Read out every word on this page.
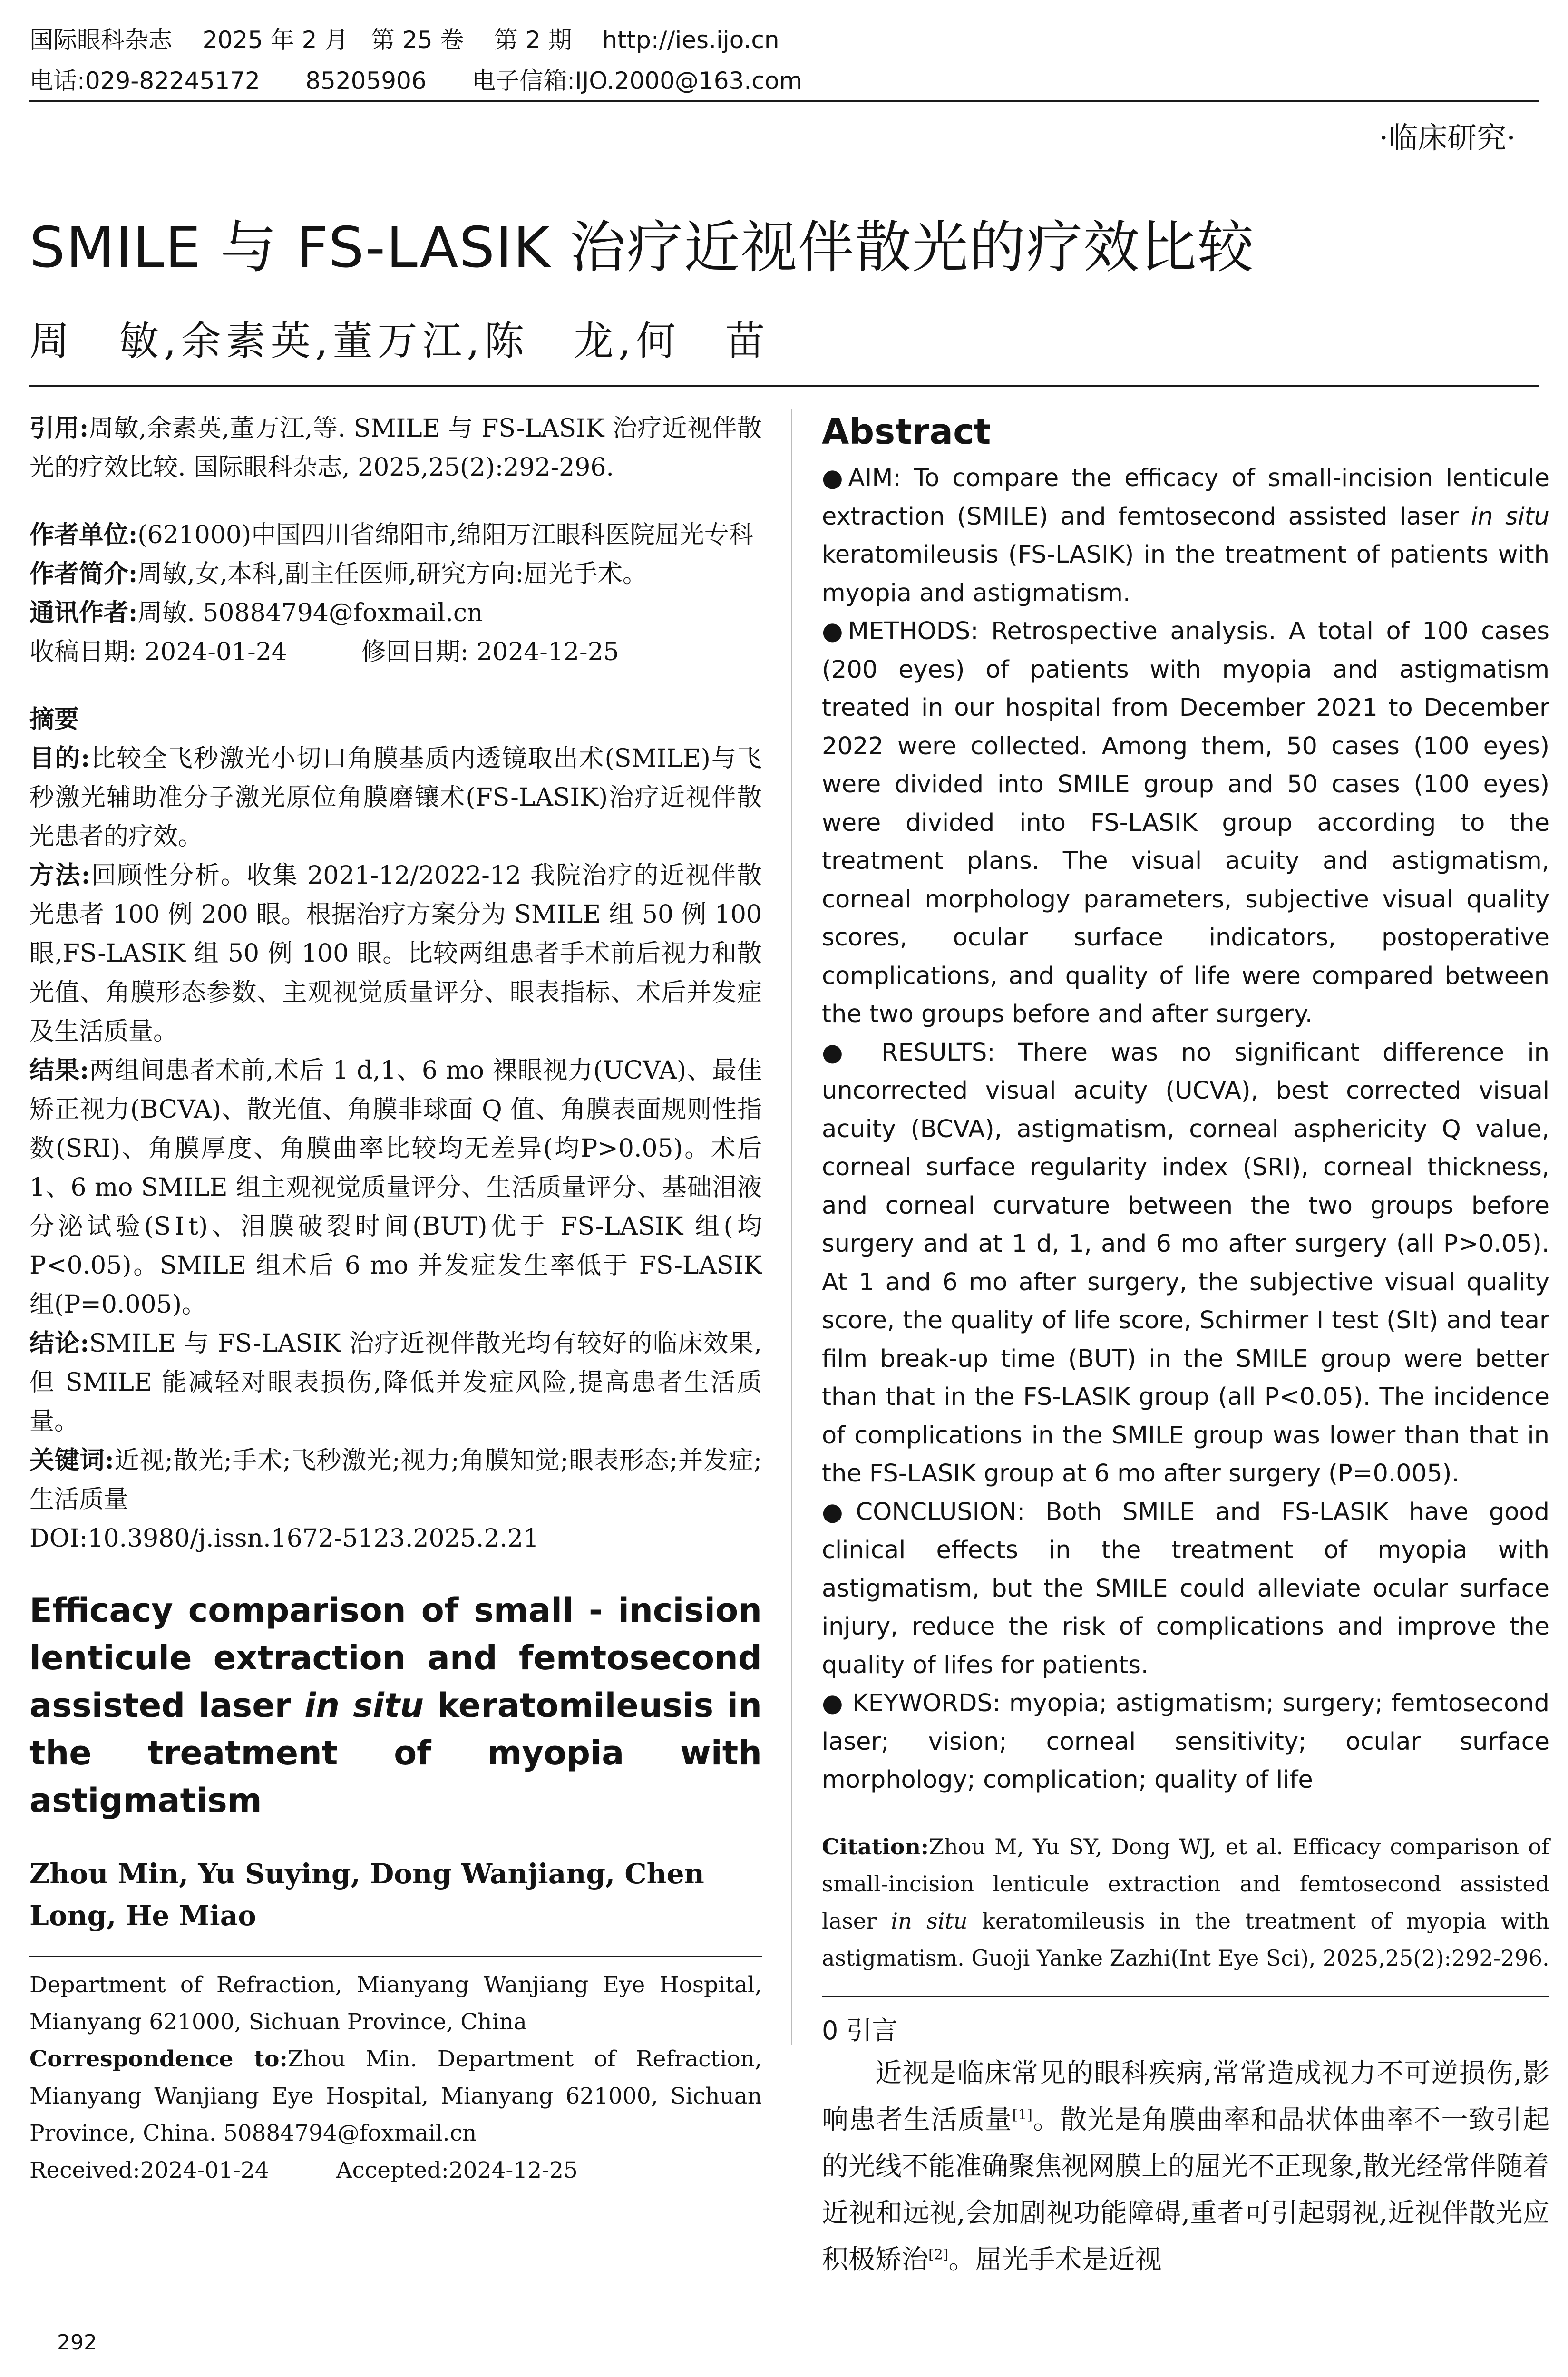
国际眼科杂志 2025 年 2 月 第 25 卷 第 2 期 http://ies.ijo.cn
电话:029-82245172 85205906 电子信箱:IJO.2000@163.com
·临床研究·
SMILE 与 FS-LASIK 治疗近视伴散光的疗效比较
周　敏,余素英,董万江,陈　龙,何　苗

引用:周敏,余素英,董万江,等. SMILE 与 FS-LASIK 治疗近视伴散光的疗效比较. 国际眼科杂志, 2025,25(2):292-296.

作者单位:(621000)中国四川省绵阳市,绵阳万江眼科医院屈光专科

作者简介:周敏,女,本科,副主任医师,研究方向:屈光手术。

通讯作者:周敏. 50884794@foxmail.cn

收稿日期: 2024-01-24　　　	修回日期: 2024-12-25

摘要

目的:比较全飞秒激光小切口角膜基质内透镜取出术(SMILE)与飞秒激光辅助准分子激光原位角膜磨镶术(FS-LASIK)治疗近视伴散光患者的疗效。

方法:回顾性分析。收集 2021-12/2022-12 我院治疗的近视伴散光患者 100 例 200 眼。根据治疗方案分为 SMILE 组 50 例 100 眼,FS-LASIK 组 50 例 100 眼。比较两组患者手术前后视力和散光值、角膜形态参数、主观视觉质量评分、眼表指标、术后并发症及生活质量。

结果:两组间患者术前,术后 1 d,1、6 mo 裸眼视力(UCVA)、最佳矫正视力(BCVA)、散光值、角膜非球面 Q 值、角膜表面规则性指数(SRI)、角膜厚度、角膜曲率比较均无差异(均P>0.05)。术后 1、6 mo SMILE 组主观视觉质量评分、生活质量评分、基础泪液分泌试验(SⅠt)、泪膜破裂时间(BUT)优于 FS-LASIK 组(均 P<0.05)。SMILE 组术后 6 mo 并发症发生率低于 FS-LASIK 组(P=0.005)。

结论:SMILE 与 FS-LASIK 治疗近视伴散光均有较好的临床效果,但 SMILE 能减轻对眼表损伤,降低并发症风险,提高患者生活质量。

关键词:近视;散光;手术;飞秒激光;视力;角膜知觉;眼表形态;并发症;生活质量

DOI:10.3980/j.issn.1672-5123.2025.2.21

Efficacy comparison of small - incision lenticule extraction and femtosecond assisted laser in situ keratomileusis in the treatment of myopia with astigmatism

Zhou Min, Yu Suying, Dong Wanjiang, Chen Long, He Miao

Department of Refraction, Mianyang Wanjiang Eye Hospital, Mianyang 621000, Sichuan Province, China

Correspondence to:Zhou Min. Department of Refraction, Mianyang Wanjiang Eye Hospital, Mianyang 621000, Sichuan Province, China. 50884794@foxmail.cn

Received:2024-01-24　　　	Accepted:2024-12-25

Abstract

●AIM: To compare the efficacy of small-incision lenticule extraction (SMILE) and femtosecond assisted laser in situ keratomileusis (FS-LASIK) in the treatment of patients with myopia and astigmatism.

●METHODS: Retrospective analysis. A total of 100 cases (200 eyes) of patients with myopia and astigmatism treated in our hospital from December 2021 to December 2022 were collected. Among them, 50 cases (100 eyes) were divided into SMILE group and 50 cases (100 eyes) were divided into FS-LASIK group according to the treatment plans. The visual acuity and astigmatism, corneal morphology parameters, subjective visual quality scores, ocular surface indicators, postoperative complications, and quality of life were compared between the two groups before and after surgery.

● RESULTS: There was no significant difference in uncorrected visual acuity (UCVA), best corrected visual acuity (BCVA), astigmatism, corneal asphericity Q value, corneal surface regularity index (SRI), corneal thickness, and corneal curvature between the two groups before surgery and at 1 d, 1, and 6 mo after surgery (all P>0.05). At 1 and 6 mo after surgery, the subjective visual quality score, the quality of life score, Schirmer I test (SⅠt) and tear film break-up time (BUT) in the SMILE group were better than that in the FS-LASIK group (all P<0.05). The incidence of complications in the SMILE group was lower than that in the FS-LASIK group at 6 mo after surgery (P=0.005).

●CONCLUSION: Both SMILE and FS-LASIK have good clinical effects in the treatment of myopia with astigmatism, but the SMILE could alleviate ocular surface injury, reduce the risk of complications and improve the quality of lifes for patients.

● KEYWORDS: myopia; astigmatism; surgery; femtosecond laser; vision; corneal sensitivity; ocular surface morphology; complication; quality of life

Citation:Zhou M, Yu SY, Dong WJ, et al. Efficacy comparison of small-incision lenticule extraction and femtosecond assisted laser in situ keratomileusis in the treatment of myopia with astigmatism. Guoji Yanke Zazhi(Int Eye Sci), 2025,25(2):292-296.

0 引言

近视是临床常见的眼科疾病,常常造成视力不可逆损伤,影响患者生活质量[1]。散光是角膜曲率和晶状体曲率不一致引起的光线不能准确聚焦视网膜上的屈光不正现象,散光经常伴随着近视和远视,会加剧视功能障碍,重者可引起弱视,近视伴散光应积极矫治[2]。屈光手术是近视

292
